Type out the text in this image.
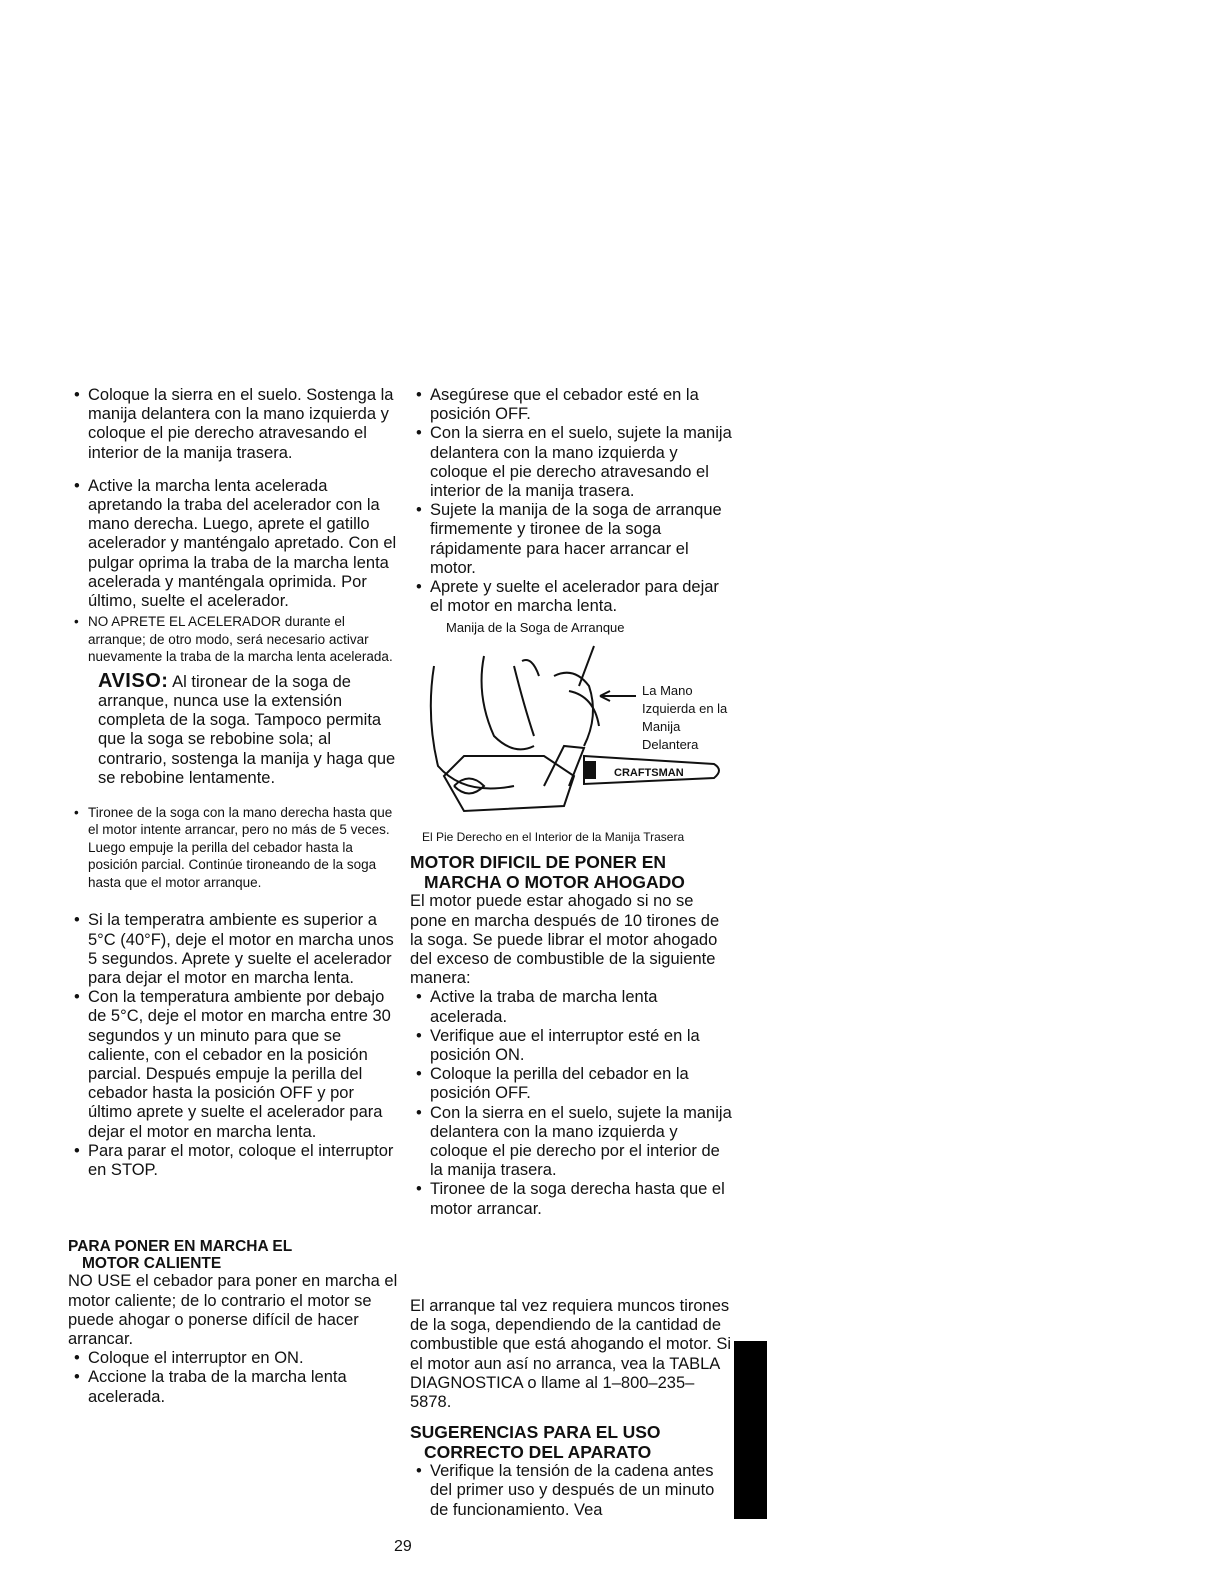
• Coloque la sierra en el suelo. Sostenga la manija delantera con la mano izquierda y coloque el pie derecho atravesando el interior de la manija trasera.
• Active la marcha lenta acelerada apretando la traba del acelerador con la mano derecha. Luego, aprete el gatillo acelerador y manténgalo apretado. Con el pulgar oprima la traba de la marcha lenta acelerada y manténgala oprimida. Por último, suelte el acelerador.
• NO APRETE EL ACELERADOR durante el arranque; de otro modo, será necesario activar nuevamente la traba de la marcha lenta acelerada.
AVISO: Al tironear de la soga de arranque, nunca use la extensión completa de la soga. Tampoco permita que la soga se rebobine sola; al contrario, sostenga la manija y haga que se rebobine lentamente.
• Tironee de la soga con la mano derecha hasta que el motor intente arrancar, pero no más de 5 veces. Luego empuje la perilla del cebador hasta la posición parcial. Continúe tironeando de la soga hasta que el motor arranque.
• Si la temperatra ambiente es superior a 5°C (40°F), deje el motor en marcha unos 5 segundos. Aprete y suelte el acelerador para dejar el motor en marcha lenta.
• Con la temperatura ambiente por debajo de 5°C, deje el motor en marcha entre 30 segundos y un minuto para que se caliente, con el cebador en la posición parcial. Después empuje la perilla del cebador hasta la posición OFF y por último aprete y suelte el acelerador para dejar el motor en marcha lenta.
• Para parar el motor, coloque el interruptor en STOP.

PARA PONER EN MARCHA EL
MOTOR CALIENTE

NO USE el cebador para poner en marcha el motor caliente; de lo contrario el motor se puede ahogar o ponerse difícil de hacer arrancar.

• Coloque el interruptor en ON.
• Accione la traba de la marcha lenta acelerada.
• Asegúrese que el cebador esté en la posición OFF.
• Con la sierra en el suelo, sujete la manija delantera con la mano izquierda y coloque el pie derecho atravesando el interior de la manija trasera.
• Sujete la manija de la soga de arranque firmemente y tironee de la soga rápidamente para hacer arrancar el motor.
• Aprete y suelte el acelerador para dejar el motor en marcha lenta.
Manija de la Soga de Arranque
CRAFTSMAN
La Mano Izquierda en la Manija Delantera
El Pie Derecho en el Interior de la Manija Trasera

MOTOR DIFICIL DE PONER EN
MARCHA O MOTOR AHOGADO

El motor puede estar ahogado si no se pone en marcha después de 10 tirones de la soga. Se puede librar el motor ahogado del exceso de combustible de la siguiente manera:

• Active la traba de marcha lenta acelerada.
• Verifique aue el interruptor esté en la posición ON.
• Coloque la perilla del cebador en la posición OFF.
• Con la sierra en el suelo, sujete la manija delantera con la mano izquierda y coloque el pie derecho por el interior de la manija trasera.
• Tironee de la soga derecha hasta que el motor arrancar.

El arranque tal vez requiera muncos tirones de la soga, dependiendo de la cantidad de combustible que está ahogando el motor. Si el motor aun así no arranca, vea la TABLA DIAGNOSTICA o llame al 1–800–235–5878.

SUGERENCIAS PARA EL USO
CORRECTO DEL APARATO

• Verifique la tensión de la cadena antes del primer uso y después de un minuto de funcionamiento. Vea
29
